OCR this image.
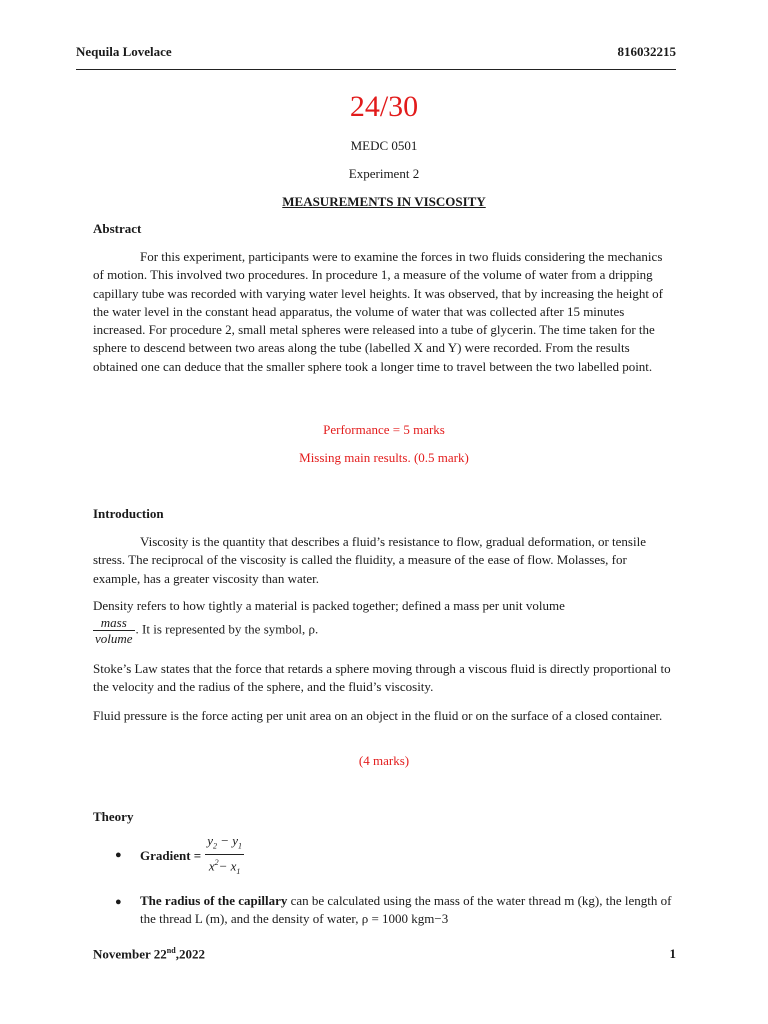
Nequila Lovelace	816032215
24/30
MEDC 0501
Experiment 2
MEASUREMENTS IN VISCOSITY
Abstract

For this experiment, participants were to examine the forces in two fluids considering the mechanics of motion. This involved two procedures. In procedure 1, a measure of the volume of water from a dripping capillary tube was recorded with varying water level heights. It was observed, that by increasing the height of the water level in the constant head apparatus, the volume of water that was collected after 15 minutes increased. For procedure 2, small metal spheres were released into a tube of glycerin. The time taken for the sphere to descend between two areas along the tube (labelled X and Y) were recorded. From the results obtained one can deduce that the smaller sphere took a longer time to travel between the two labelled point.

Performance = 5 marks
Missing main results. (0.5 mark)
Introduction

Viscosity is the quantity that describes a fluid’s resistance to flow, gradual deformation, or tensile stress. The reciprocal of the viscosity is called the fluidity, a measure of the ease of flow. Molasses, for example, has a greater viscosity than water.

Density refers to how tightly a material is packed together; defined a mass per unit volume

$\frac{\text{mass}}{\text{volume}}$ . It is represented by the symbol, ρ.

Stoke’s Law states that the force that retards a sphere moving through a viscous fluid is directly proportional to the velocity and the radius of the sphere, and the fluid’s viscosity.

Fluid pressure is the force acting per unit area on an object in the fluid or on the surface of a closed container.

(4 marks)
Theory
● Gradient = $\frac{y_2 - y_1}{x^2- x_1}$
● The radius of the capillary can be calculated using the mass of the water thread m (kg), the length of the thread L (m), and the density of water, ρ = 1000 kgm−3

November 22nd,2022	1
